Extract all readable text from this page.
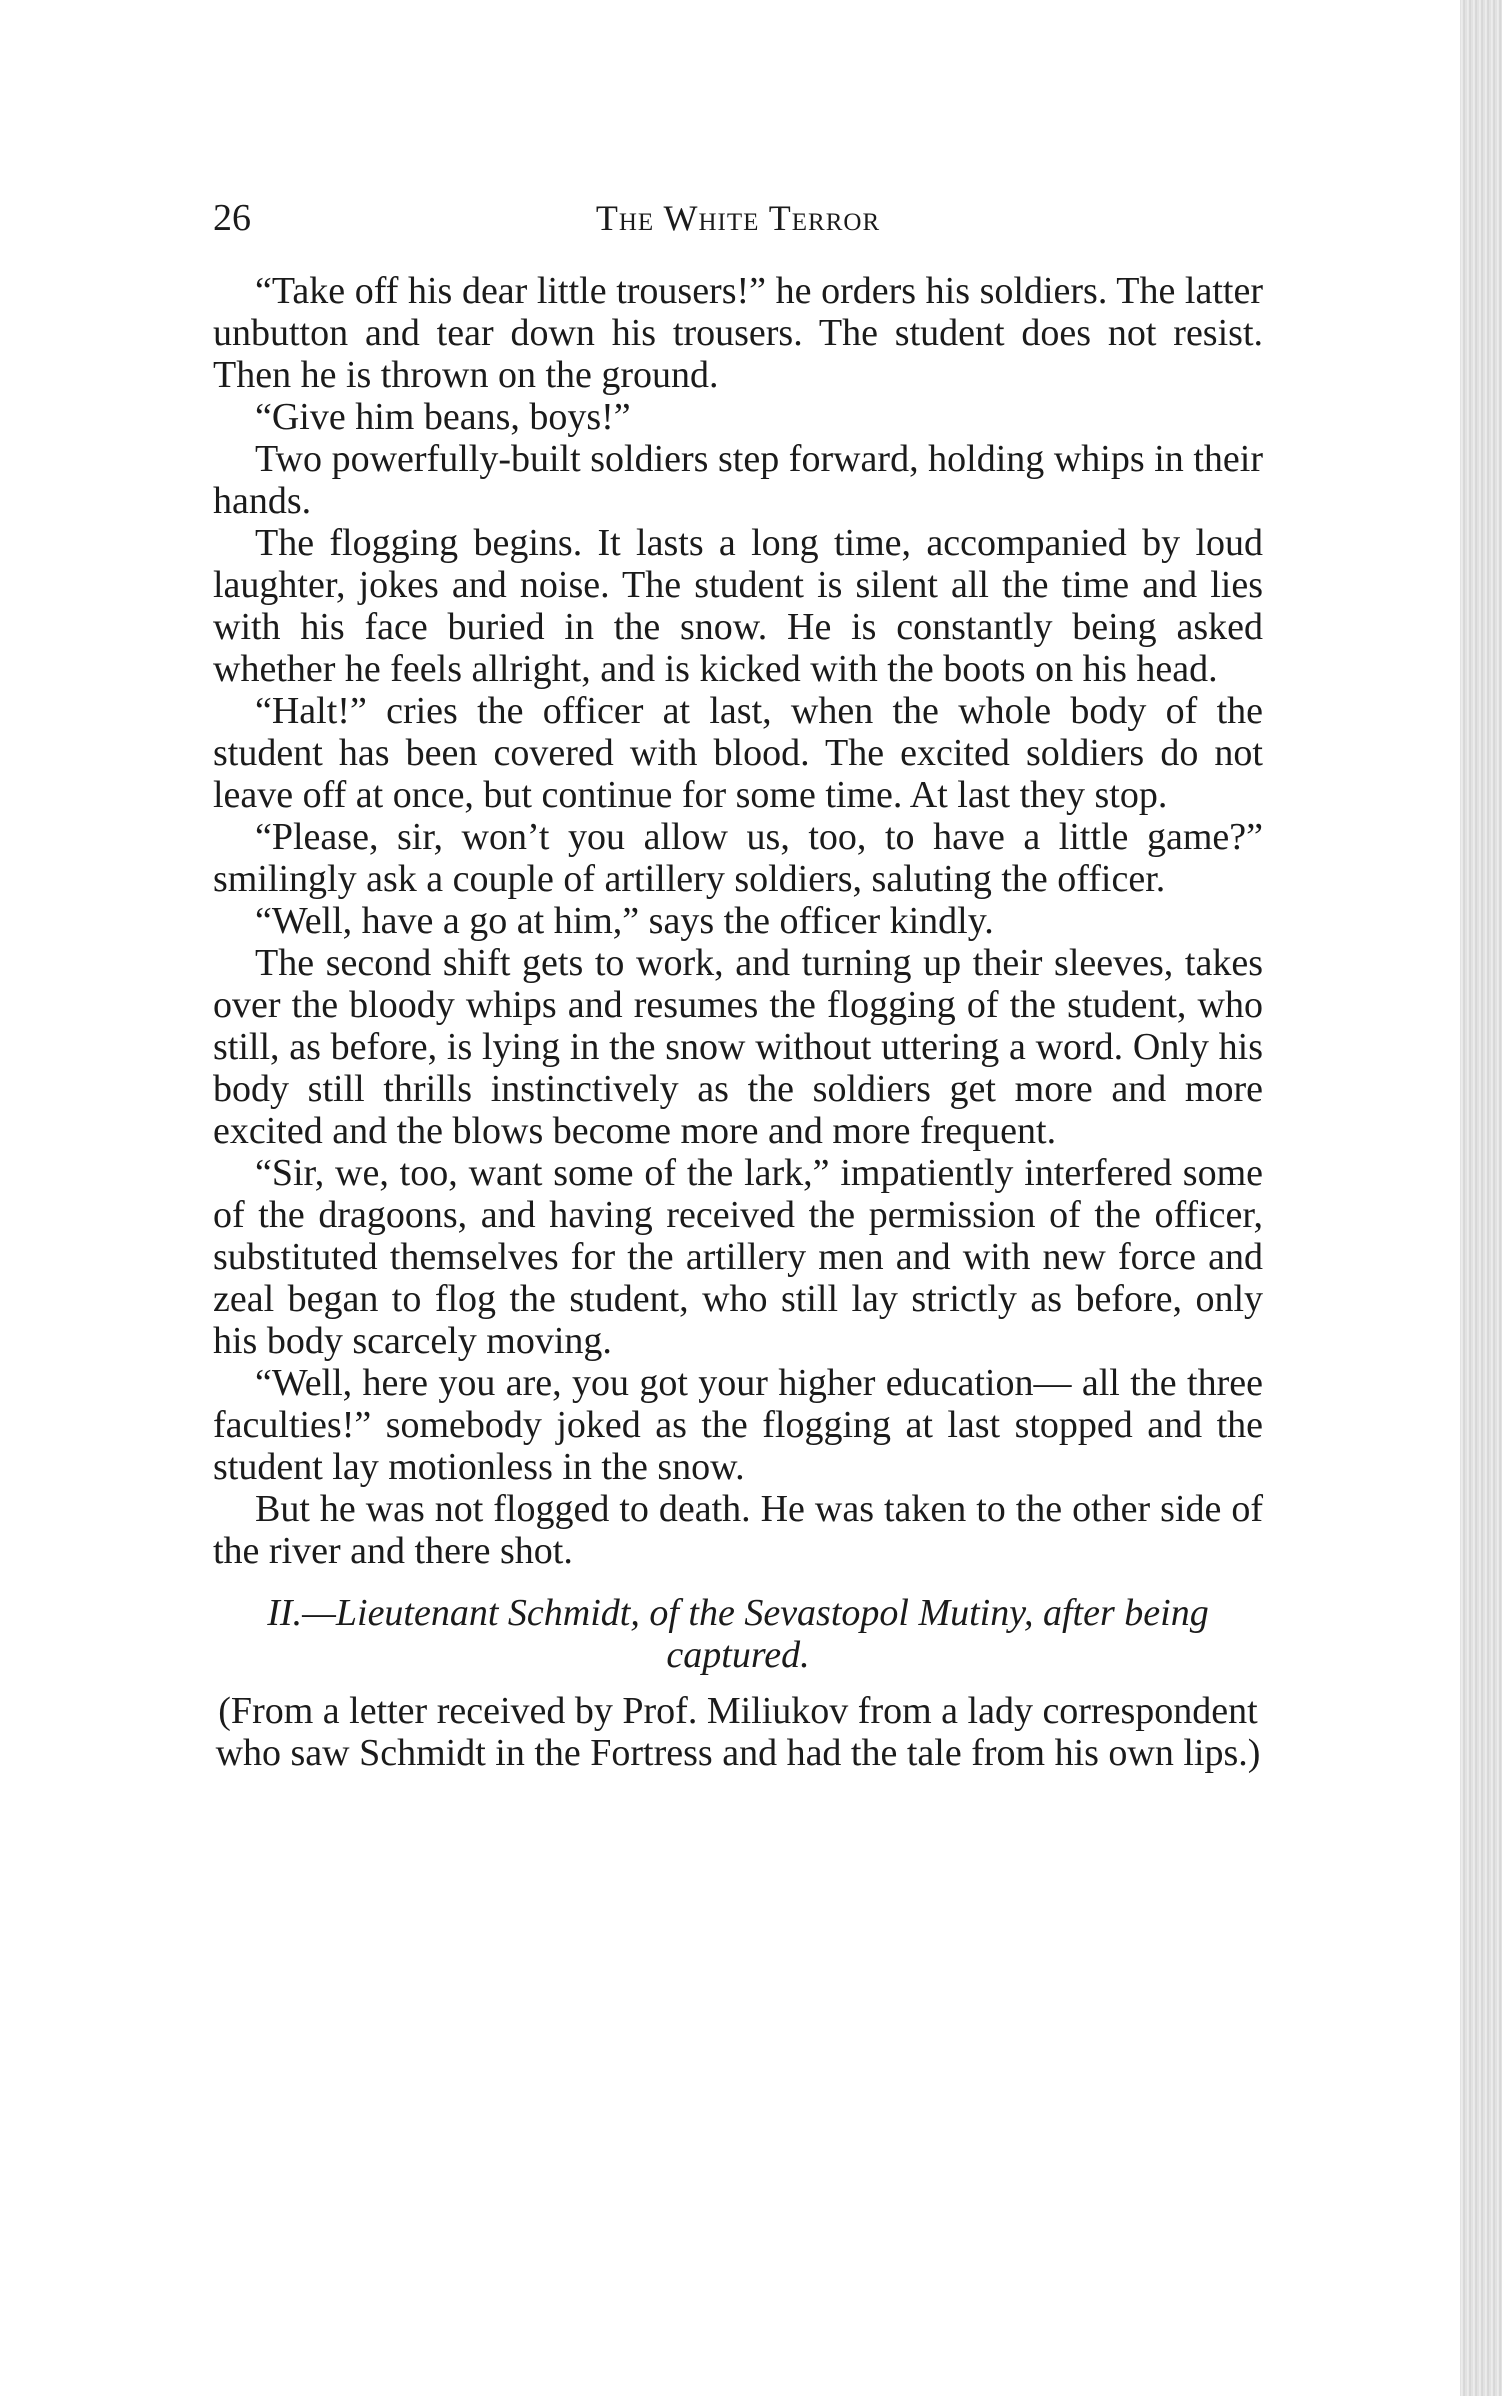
26	The White Terror

“Take off his dear little trousers!” he orders his soldiers. The latter unbutton and tear down his trousers. The student does not resist. Then he is thrown on the ground.

“Give him beans, boys!”

Two powerfully-built soldiers step forward, holding whips in their hands.

The flogging begins. It lasts a long time, accompanied by loud laughter, jokes and noise. The student is silent all the time and lies with his face buried in the snow. He is constantly being asked whether he feels allright, and is kicked with the boots on his head.

“Halt!” cries the officer at last, when the whole body of the student has been covered with blood. The excited soldiers do not leave off at once, but continue for some time. At last they stop.

“Please, sir, won’t you allow us, too, to have a little game?” smilingly ask a couple of artillery soldiers, saluting the officer.

“Well, have a go at him,” says the officer kindly.

The second shift gets to work, and turning up their sleeves, takes over the bloody whips and resumes the flogging of the student, who still, as before, is lying in the snow without uttering a word. Only his body still thrills instinctively as the soldiers get more and more excited and the blows become more and more frequent.

“Sir, we, too, want some of the lark,” impatiently interfered some of the dragoons, and having received the permission of the officer, substituted themselves for the artillery men and with new force and zeal began to flog the student, who still lay strictly as before, only his body scarcely moving.

“Well, here you are, you got your higher education— all the three faculties!” somebody joked as the flogging at last stopped and the student lay motionless in the snow.

But he was not flogged to death. He was taken to the other side of the river and there shot.

II.—Lieutenant Schmidt, of the Sevastopol Mutiny, after being captured.

(From a letter received by Prof. Miliukov from a lady correspondent who saw Schmidt in the Fortress and had the tale from his own lips.)
